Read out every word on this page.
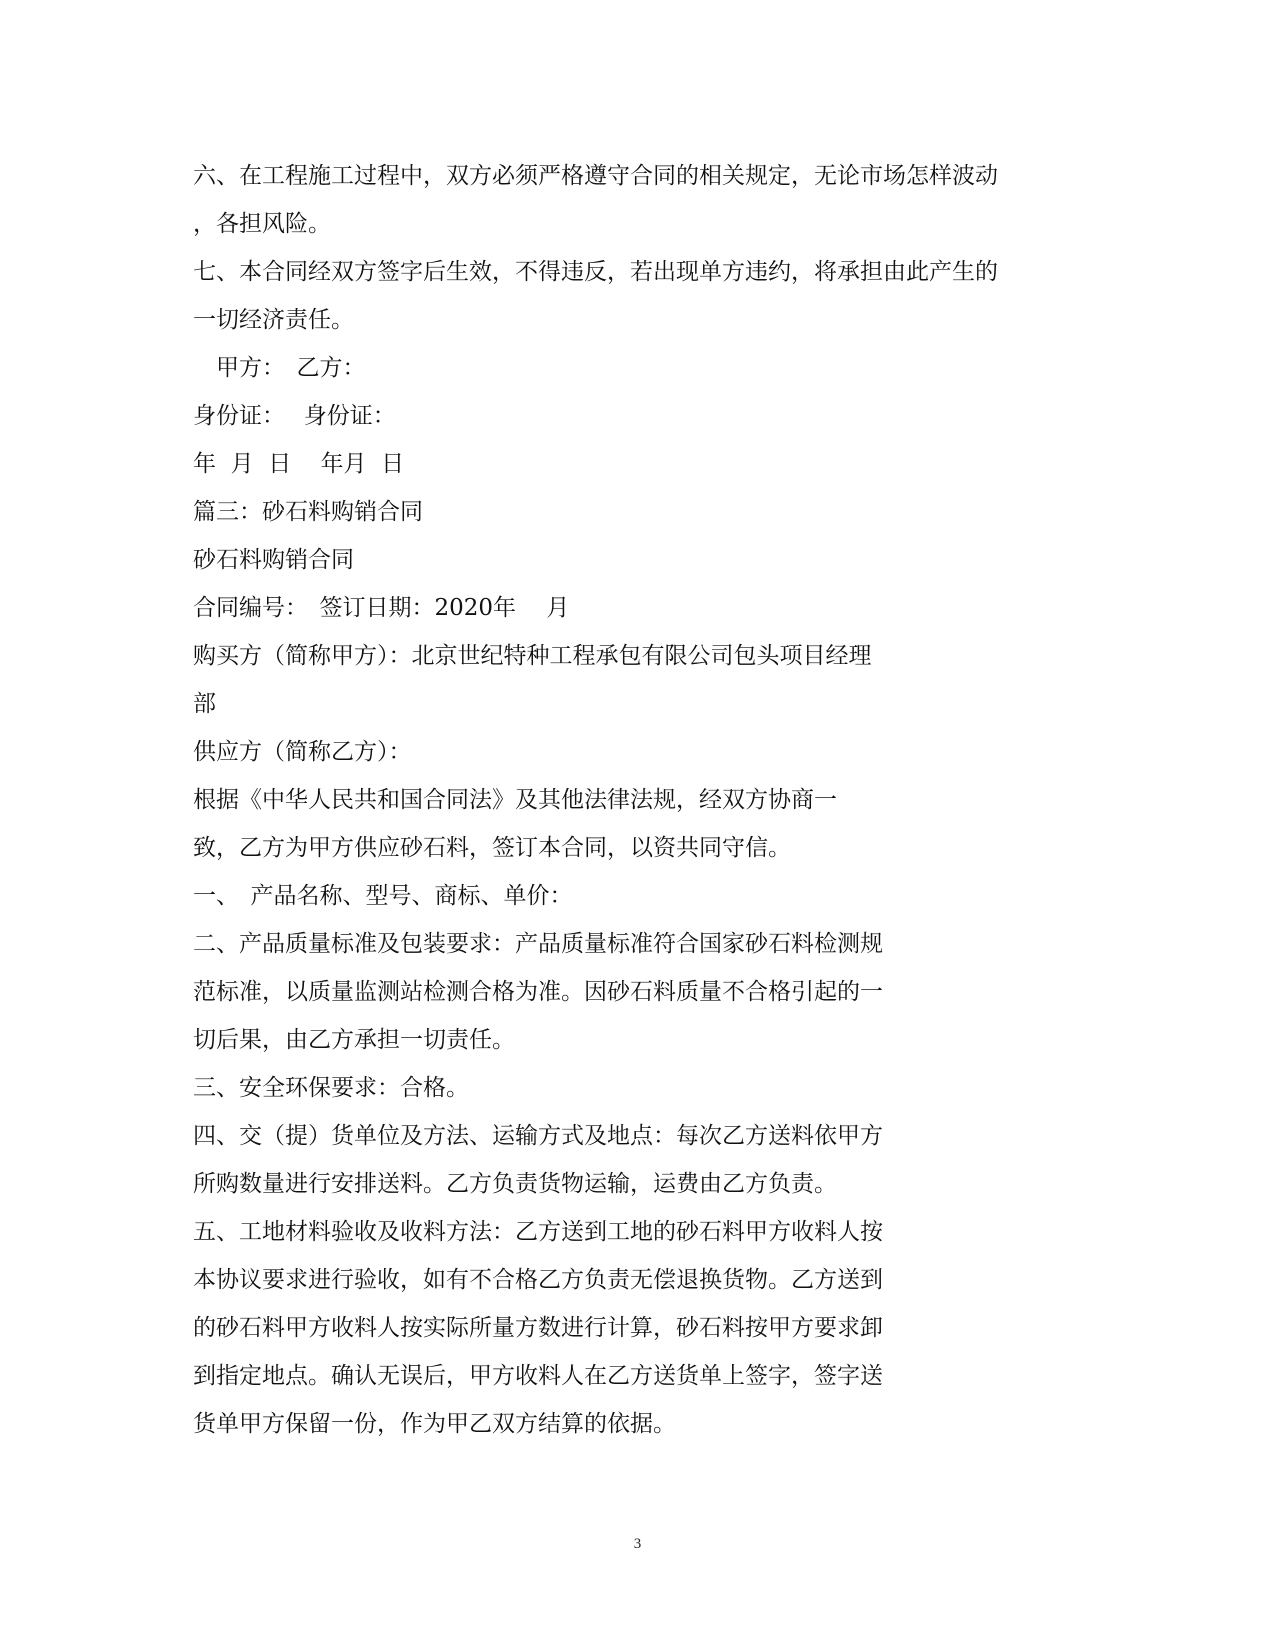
六、在工程施工过程中，双方必须严格遵守合同的相关规定，无论市场怎样波动
，各担风险。
七、本合同经双方签字后生效，不得违反，若出现单方违约，将承担由此产生的
一切经济责任。
　甲方：　乙方：
身份证：　 身份证：
年  月  日    年月  日
篇三：砂石料购销合同
砂石料购销合同
合同编号：　签订日期：2020年　 月
购买方（简称甲方）：北京世纪特种工程承包有限公司包头项目经理
部
供应方（简称乙方）：
根据《中华人民共和国合同法》及其他法律法规，经双方协商一
致，乙方为甲方供应砂石料，签订本合同，以资共同守信。
一、　产品名称、型号、商标、单价：
二、产品质量标准及包装要求：产品质量标准符合国家砂石料检测规
范标准，以质量监测站检测合格为准。因砂石料质量不合格引起的一
切后果，由乙方承担一切责任。
三、安全环保要求：合格。
四、交（提）货单位及方法、运输方式及地点：每次乙方送料依甲方
所购数量进行安排送料。乙方负责货物运输，运费由乙方负责。
五、工地材料验收及收料方法：乙方送到工地的砂石料甲方收料人按
本协议要求进行验收，如有不合格乙方负责无偿退换货物。乙方送到
的砂石料甲方收料人按实际所量方数进行计算，砂石料按甲方要求卸
到指定地点。确认无误后，甲方收料人在乙方送货单上签字，签字送
货单甲方保留一份，作为甲乙双方结算的依据。
3
